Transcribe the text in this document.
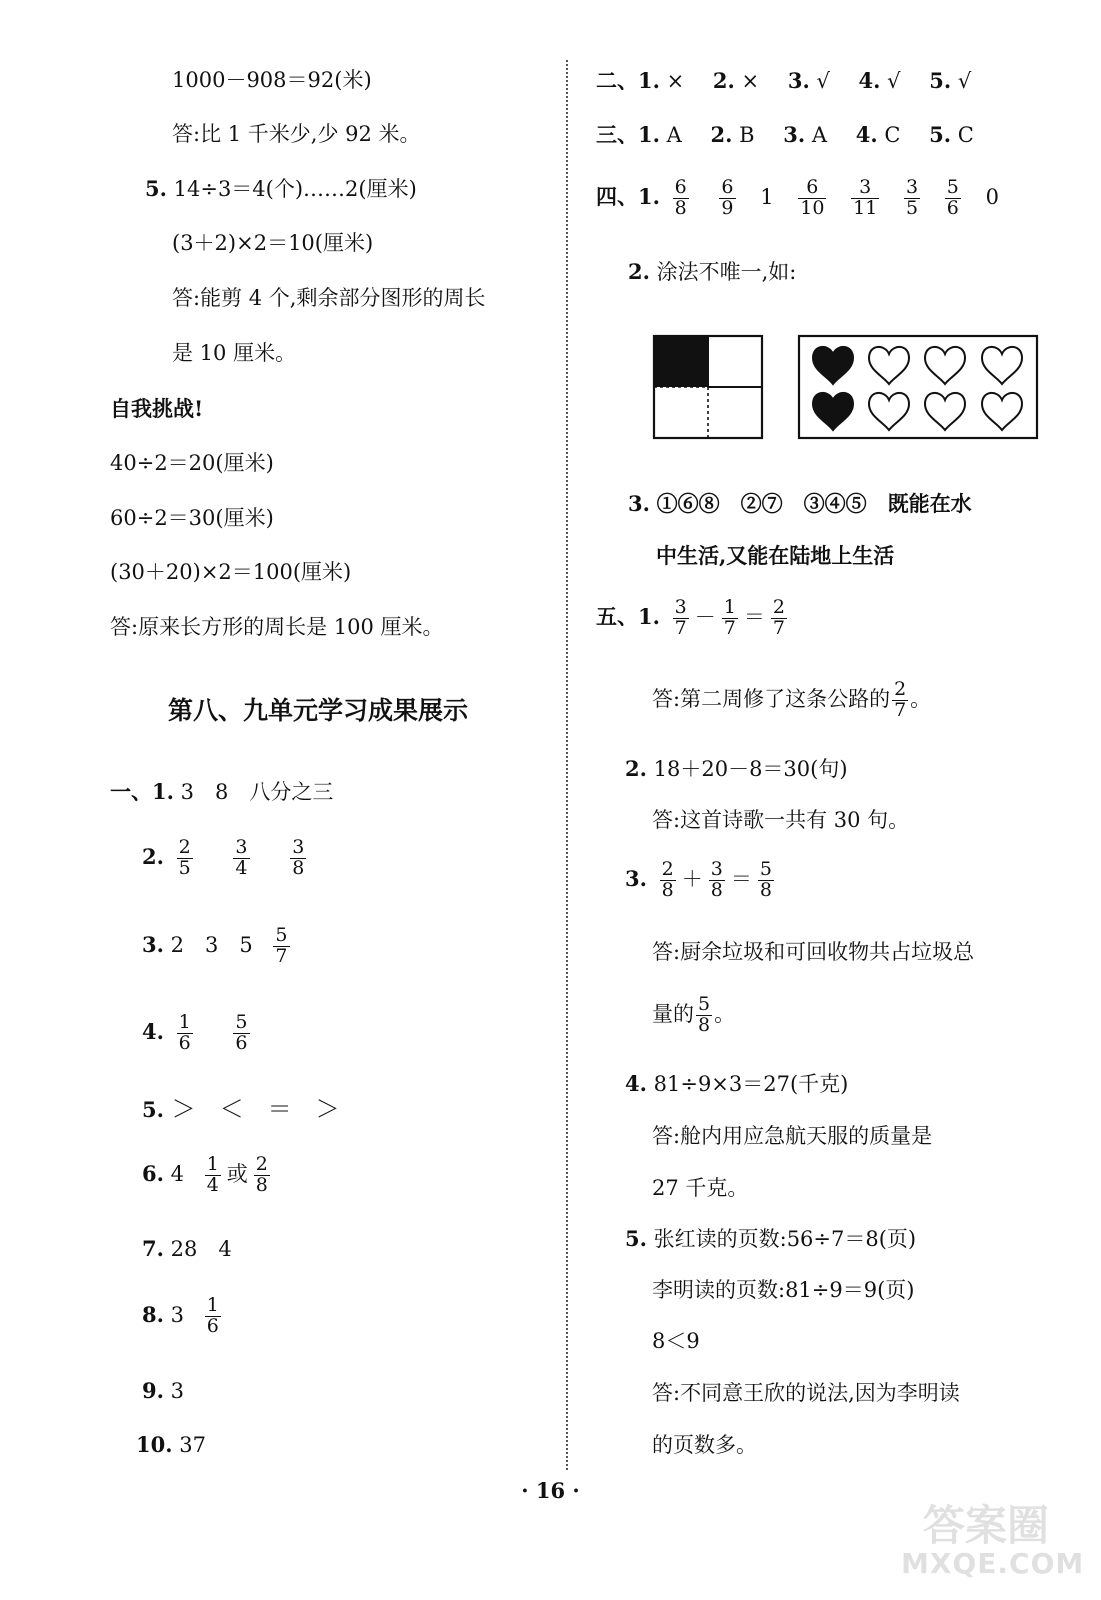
1000－908＝92(米)
答:比 1 千米少,少 92 米。
5. 14÷3＝4(个)……2(厘米)
(3＋2)×2＝10(厘米)
答:能剪 4 个,剩余部分图形的周长
是 10 厘米。
自我挑战!
40÷2＝20(厘米)
60÷2＝30(厘米)
(30＋20)×2＝100(厘米)
答:原来长方形的周长是 100 厘米。
第八、九单元学习成果展示
一、1. 3　8　八分之三
2. $\frac{2}{5}$
$\frac{3}{4}$
$\frac{3}{8}$
3. 2　3　$5 \frac{5}{7}$
4. $\frac{1}{6}$
$\frac{5}{6}$
5. ＞　＜　＝　＞
6. $4 \frac{1}{4}$ 或 $\frac{2}{8}$
7. 28　4
8. $3 \frac{1}{6}$
9. 3
10. 37
二、1. × 2. × 3. √ 4. √ 5. √
三、1. A 2. B 3. A 4. C 5. C
四、1. $\frac{6}{8}$
$\frac{6}{9} 1 \frac{6}{10}$
$\frac{3}{11}$
$\frac{3}{5}$
$\frac{5}{6} 0$
2. 涂法不唯一,如:
3. ①⑥⑧　②⑦　③④⑤　既能在水
中生活,又能在陆地上生活
五、1. $\frac{3}{7} - \frac{1}{7} = \frac{2}{7}$
答:第二周修了这条公路的 $\frac{2}{7}$ 。
2. 18＋20－8＝30(句)
答:这首诗歌一共有 30 句。
3. $\frac{2}{8} + \frac{3}{8} = \frac{5}{8}$
答:厨余垃圾和可回收物共占垃圾总
量的 $\frac{5}{8}$ 。
4. 81÷9×3＝27(千克)
答:舱内用应急航天服的质量是
27 千克。
5. 张红读的页数:56÷7＝8(页)
李明读的页数:81÷9＝9(页)
8＜9
答:不同意王欣的说法,因为李明读
的页数多。
· 16 ·
答案圈
MXQE.COM
